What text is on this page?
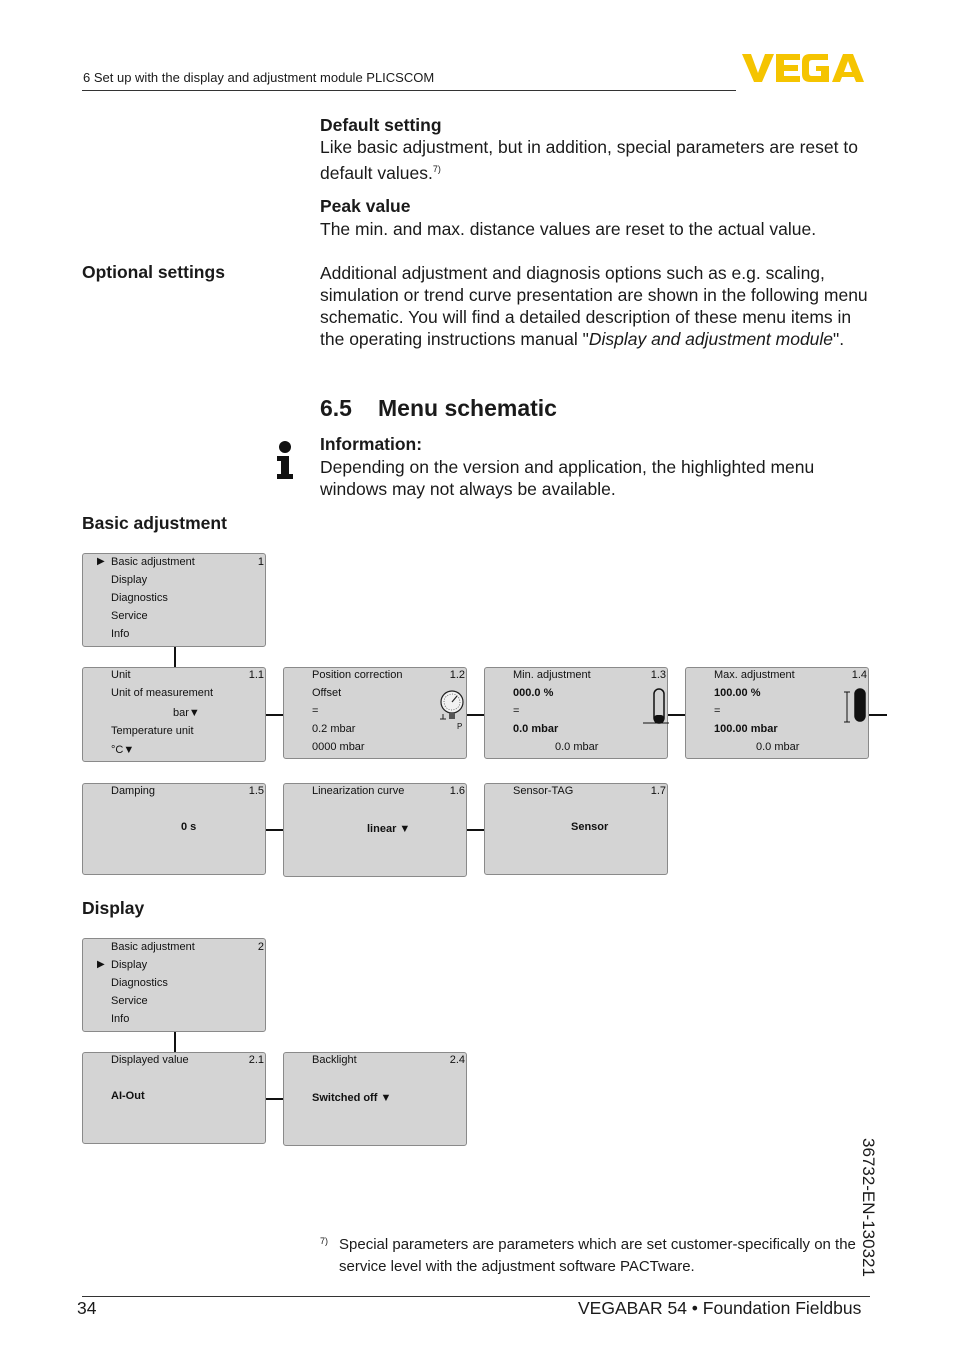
6 Set up with the display and adjustment module PLICSCOM
Default setting
Like basic adjustment, but in addition, special parameters are reset to default values.$^{7)}$
Peak value
The min. and max. distance values are reset to the actual value.
Optional settings	Additional adjustment and diagnosis options such as e.g. scaling, simulation or trend curve presentation are shown in the following menu schematic. You will find a detailed description of these menu items in the operating instructions manual "Display and adjustment module".
6.5 Menu schematic
Information:
Depending on the version and application, the highlighted menu windows may not always be available.
Basic adjustment
▶ Basic adjustment
Display
Diagnostics
Service
Info
1
Unit	1.1
Unit of measurement
bar▼
Temperature unit
°C▼
Position correction	1.2
Offset
=
0.2 mbar
0000 mbar
P
Min. adjustment	1.3
000.0 %
=
0.0 mbar
0.0 mbar
Max. adjustment	1.4
100.00 %
=
100.00 mbar
0.0 mbar
Damping	1.5
0 s
Linearization curve	1.6
linear ▼
Sensor-TAG	1.7
Sensor
Display
Basic adjustment
▶ Display
Diagnostics
Service
Info
2
Displayed value	2.1
AI-Out
Backlight	2.4
Switched off ▼
7) Special parameters are parameters which are set customer-specifically on the service level with the adjustment software PACTware.
34	VEGABAR 54 • Foundation Fieldbus
36732-EN-130321
